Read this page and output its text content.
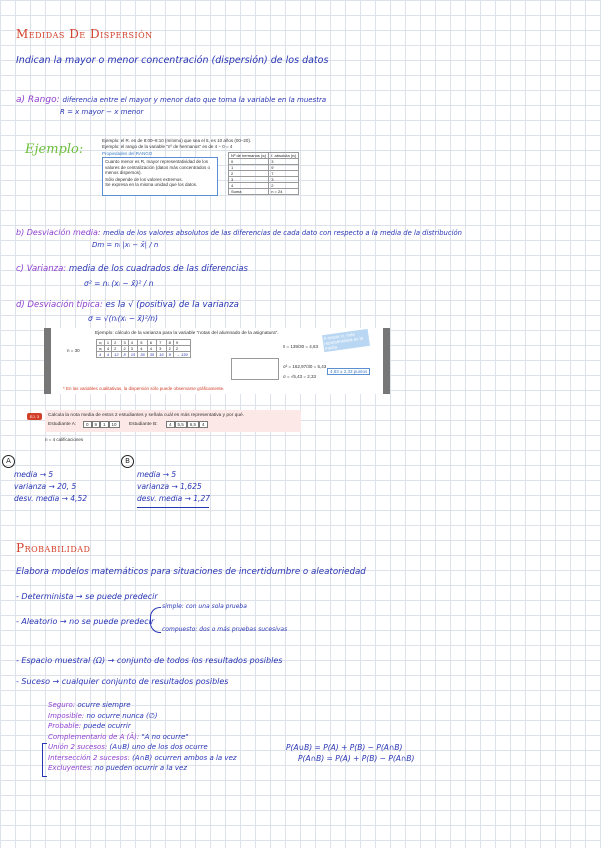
Medidas De Dispersión
Indican la mayor o menor concentración (dispersión) de los datos
a) Rango: diferencia entre el mayor y menor dato que toma la variable en la muestra
R = x mayor − x menor
Ejemplo:
Ejemplo: el R. en de 8:00–8:10 (mínimo) que sea el 5, es 10 años (00–20).
Ejemplo: el rango de la variable "nº de hermanos" es de 4 − 0 = 4
Propiedades del RANGO
Cuanto menor es R, mayor representatividad de los valores de centralización (datos más concentrados o menos dispersos).
Sólo depende de los valores extremos.
Se expresa en la misma unidad que los datos.
Nº de hermanos (xᵢ)	f. absoluta (nᵢ)
0	3
1	9
2	7
3	3
4	2
Suma	n = 24
b) Desviación media: media de los valores absolutos de las diferencias de cada dato con respecto a la media de la distribución
Dm = nᵢ |xᵢ − x̄| / n
c) Varianza: media de los cuadrados de las diferencias
σ² = nᵢ (xᵢ − x̄)² / n
d) Desviación típica: es la √ (positiva) de la varianza
σ = √(nᵢ(xᵢ − x̄)²/n)
Ejemplo: cálculo de la varianza para la variable "notas del alumnado de la asignatura".
n = 30
xᵢ	1	2	3	4	5	6	7	8	9
nᵢ	4	2	2	3	4	4	3	2	2
4	4	12	8	15	36	35	16	9	→ 139
x̄ = 139/30 = 4,63
σ² = 162,97/30 = 5,43
σ = √5,43 = 2,33
A mayor σ, más representativa es la media
4,63 ± 2,33 puntos
* En las variables cualitativas, la dispersión sólo puede observarse gráficamente.
EJ. 3	Calcula la nota media de estos 2 estudiantes y señala cuál es más representativa y por qué.
Estudiante A:	0	9	1	10	Estudiante B:	4	5,5	6,5	4
n = 4 calificaciones
A
media → 5
varianza → 20, 5
desv. media → 4,52
B
media → 5
varianza → 1,625
desv. media → 1,27
Probabilidad
Elabora modelos matemáticos para situaciones de incertidumbre o aleatoriedad
- Determinista → se puede predecir
- Aleatorio → no se puede predecir
simple: con una sola prueba
compuesto: dos o más pruebas sucesivas
- Espacio muestral (Ω) → conjunto de todos los resultados posibles
- Suceso → cualquier conjunto de resultados posibles
Seguro: ocurre siempre
Imposible: no ocurre nunca (∅)
Probable: puede ocurrir
Complementario de A (Ā): "A no ocurre"
Unión 2 sucesos: (A∪B) uno de los dos ocurre
Intersección 2 sucesos: (A∩B) ocurren ambos a la vez
Excluyentes: no pueden ocurrir a la vez
P(A∪B) = P(A) + P(B) − P(A∩B)
P(A∩B) = P(A) + P(B) − P(A∩B)
